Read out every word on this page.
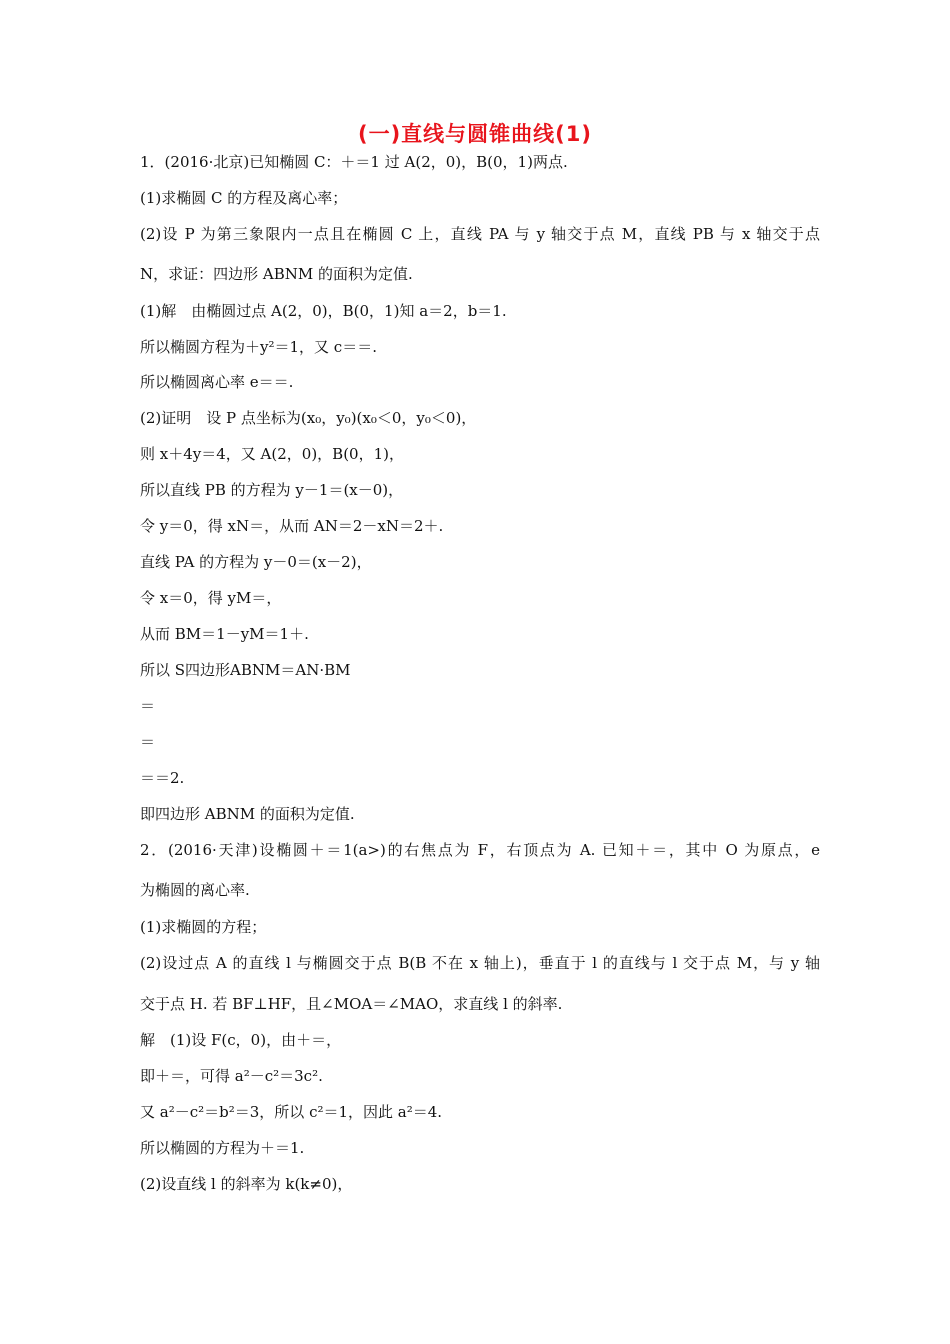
(一)直线与圆锥曲线(1)
1．(2016·北京)已知椭圆 C：＋＝1 过 A(2，0)，B(0，1)两点.
(1)求椭圆 C 的方程及离心率；
(2)设 P 为第三象限内一点且在椭圆 C 上，直线 PA 与 y 轴交于点 M，直线 PB 与 x 轴交于点
N，求证：四边形 ABNM 的面积为定值.
(1)解　由椭圆过点 A(2，0)，B(0，1)知 a＝2，b＝1.
所以椭圆方程为＋y²＝1，又 c＝＝.
所以椭圆离心率 e＝＝.
(2)证明　设 P 点坐标为(x₀，y₀)(x₀＜0，y₀＜0)，
则 x＋4y＝4，又 A(2，0)，B(0，1)，
所以直线 PB 的方程为 y－1＝(x－0)，
令 y＝0，得 xN＝，从而 AN＝2－xN＝2＋.
直线 PA 的方程为 y－0＝(x－2)，
令 x＝0，得 yM＝，
从而 BM＝1－yM＝1＋.
所以 S四边形ABNM＝AN·BM
＝
＝
＝＝2.
即四边形 ABNM 的面积为定值.
2．(2016·天津)设椭圆＋＝1(a>)的右焦点为 F，右顶点为 A. 已知＋＝，其中 O 为原点，e
为椭圆的离心率.
(1)求椭圆的方程；
(2)设过点 A 的直线 l 与椭圆交于点 B(B 不在 x 轴上)，垂直于 l 的直线与 l 交于点 M，与 y 轴
交于点 H. 若 BF⊥HF，且∠MOA＝∠MAO，求直线 l 的斜率.
解　(1)设 F(c，0)，由＋＝，
即＋＝，可得 a²－c²＝3c².
又 a²－c²＝b²＝3，所以 c²＝1，因此 a²＝4.
所以椭圆的方程为＋＝1.
(2)设直线 l 的斜率为 k(k≠0)，
